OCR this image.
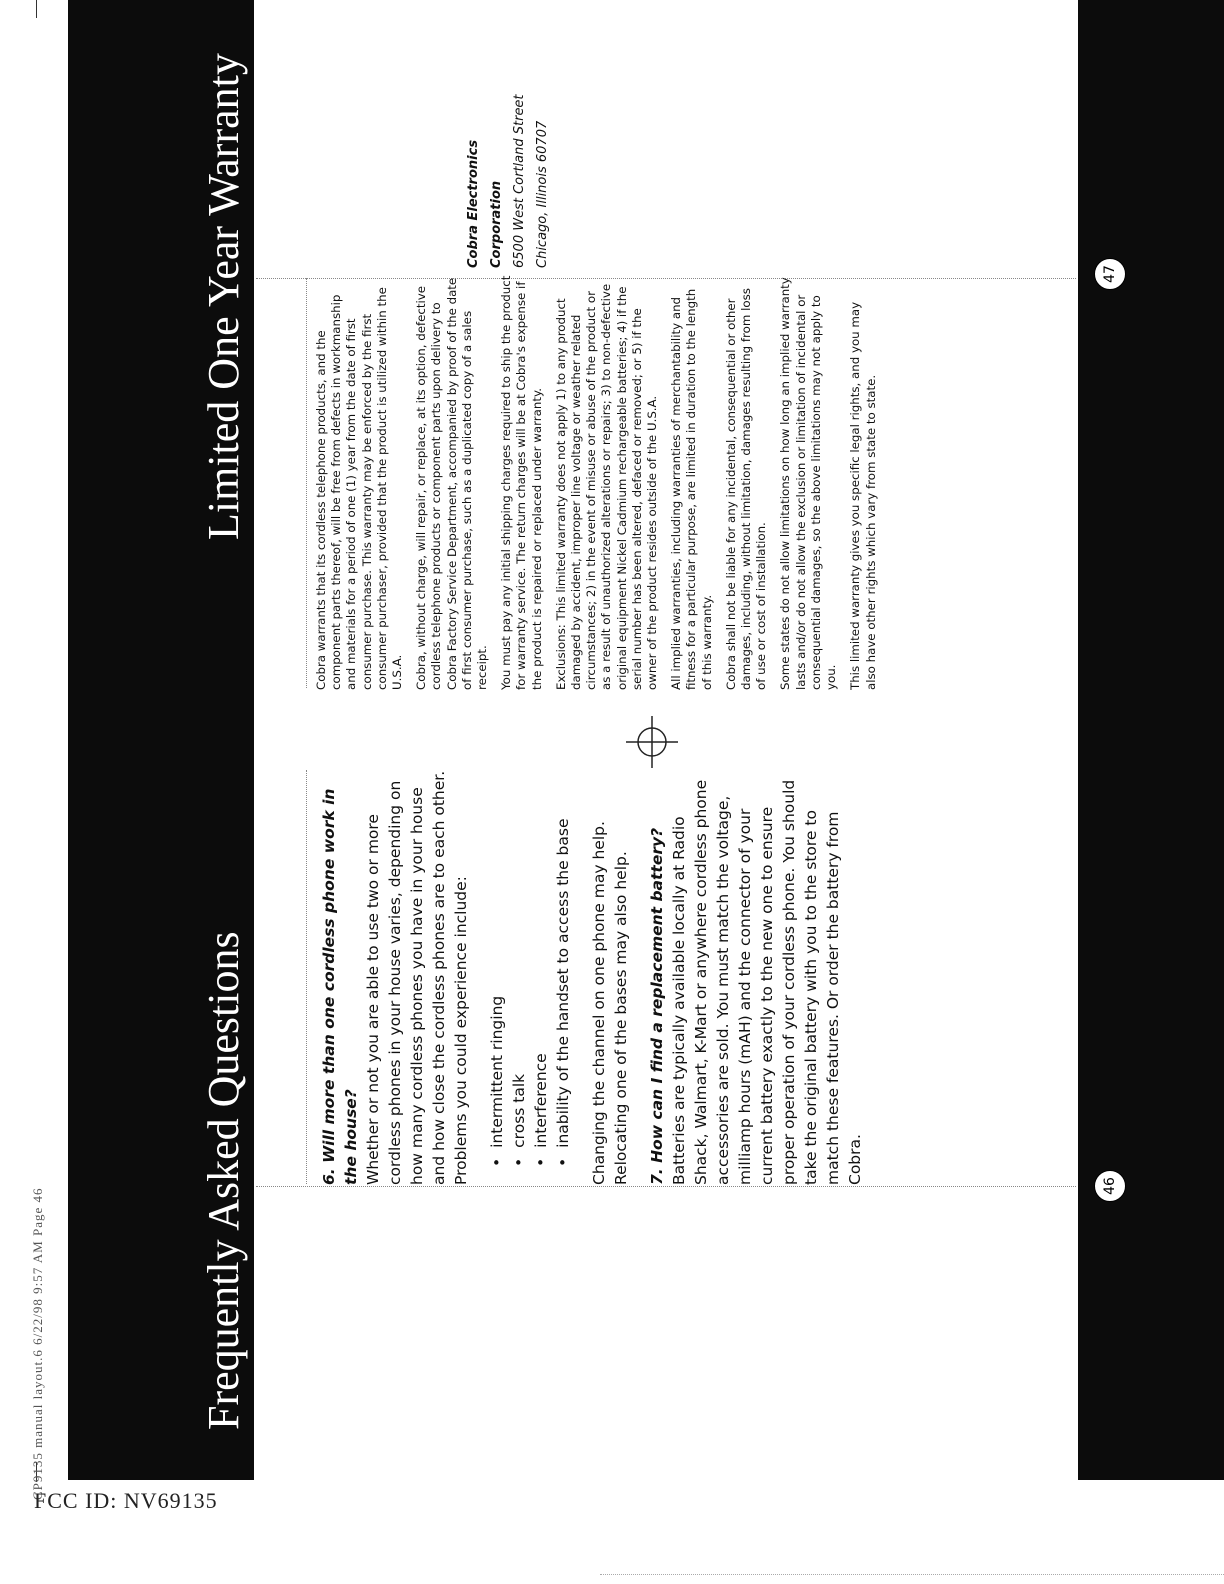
CP9135 manual layout.6 6/22/98 9:57 AM Page 46	Frequently Asked Questions
Limited One Year Warranty

6. Will more than one cordless phone work in the house? Whether or not you are able to use two or more cordless phones in your house varies, depending on how many cordless phones you have in your house and how close the cordless phones are to each other. Problems you could experience include: • intermittent ringing • cross talk • interference • inability of the handset to access the base Changing the channel on one phone may help. Relocating one of the bases may also help. 7. How can I find a replacement battery? Batteries are typically available locally at Radio Shack, Walmart, K-Mart or anywhere cordless phone accessories are sold. You must match the voltage, milliamp hours (mAH) and the connector of your current battery exactly to the new one to ensure proper operation of your cordless phone. You should take the original battery with you to the store to match these features. Or order the battery from Cobra.

Cobra warrants that its cordless telephone products, and the component parts thereof, will be free from defects in workmanship and materials for a period of one (1) year from the date of first consumer purchase. This warranty may be enforced by the first consumer purchaser, provided that the product is utilized within the U.S.A. Cobra, without charge, will repair, or replace, at its option, defective cordless telephone products or component parts upon delivery to Cobra Factory Service Department, accompanied by proof of the date of first consumer purchase, such as a duplicated copy of a sales receipt. You must pay any initial shipping charges required to ship the product for warranty service. The return charges will be at Cobra's expense if the product is repaired or replaced under warranty. Exclusions: This limited warranty does not apply 1) to any product damaged by accident, improper line voltage or weather related circumstances; 2) in the event of misuse or abuse of the product or as a result of unauthorized alterations or repairs; 3) to non-defective original equipment Nickel Cadmium rechargeable batteries; 4) if the serial number has been altered, defaced or removed; or 5) if the owner of the product resides outside of the U.S.A. All implied warranties, including warranties of merchantability and fitness for a particular purpose, are limited in duration to the length of this warranty. Cobra shall not be liable for any incidental, consequential or other damages, including, without limitation, damages resulting from loss of use or cost of installation. Some states do not allow limitations on how long an implied warranty lasts and/or do not allow the exclusion or limitation of incidental or consequential damages, so the above limitations may not apply to you. This limited warranty gives you specific legal rights, and you may also have other rights which vary from state to state.

Cobra Electronics Corporation 6500 West Cortland Street Chicago, Illinois 60707
46
47
FCC ID: NV69135
